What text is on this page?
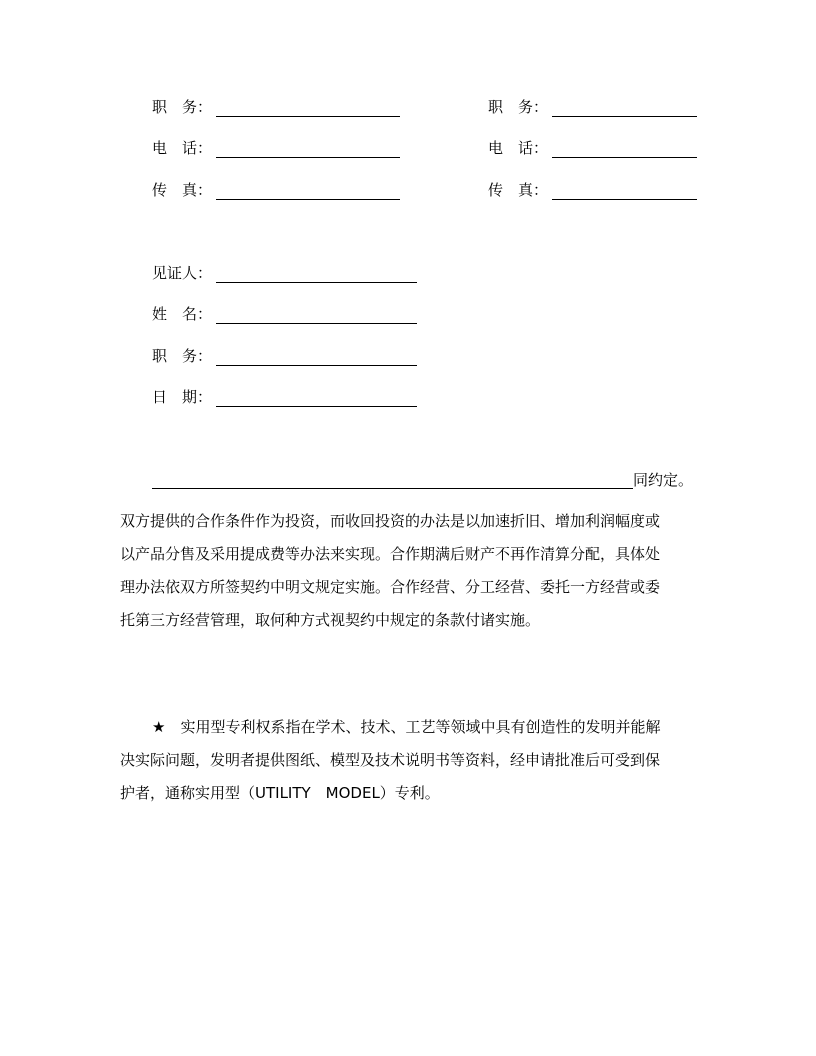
职　务：
电　话：
传　真：
职　务：
电　话：
传　真：
见证人：
姓　名：
职　务：
日　期：
同约定。
双方提供的合作条件作为投资，而收回投资的办法是以加速折旧、增加利润幅度或
以产品分售及采用提成费等办法来实现。合作期满后财产不再作清算分配，具体处
理办法依双方所签契约中明文规定实施。合作经营、分工经营、委托一方经营或委
托第三方经营管理，取何种方式视契约中规定的条款付诸实施。
★　实用型专利权系指在学术、技术、工艺等领域中具有创造性的发明并能解
决实际问题，发明者提供图纸、模型及技术说明书等资料，经申请批准后可受到保
护者，通称实用型（UTILITY　MODEL）专利。
